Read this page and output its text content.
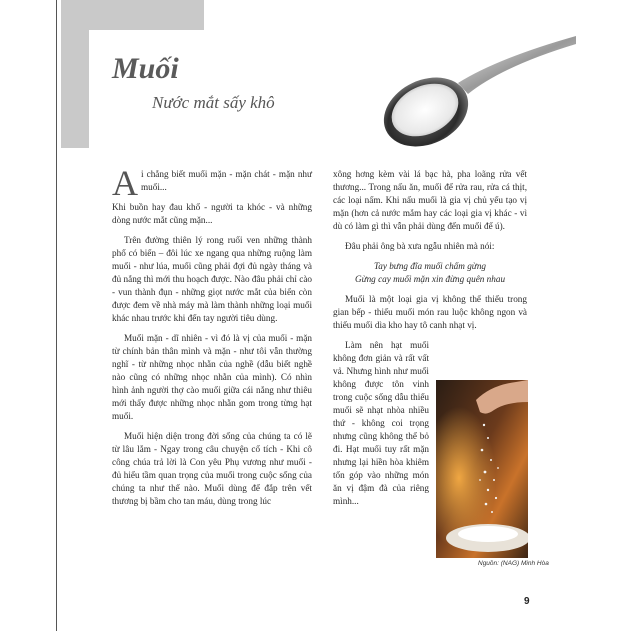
Muối
Nước mắt sấy khô

Ai chẳng biết muối mặn - mặn chát - mặn như muối...

Khi buồn hay đau khổ - người ta khóc - và những dòng nước mắt cũng mặn...

Trên đường thiên lý rong ruổi ven những thành phố có biển – đôi lúc xe ngang qua những ruộng làm muối - như lúa, muối cũng phải đợi đủ ngày tháng và đủ nắng thì mới thu hoạch được. Nào đâu phải chỉ cào - vun thành đụn - những giọt nước mắt của biển còn được đem về nhà máy mà làm thành những loại muối khác nhau trước khi đến tay người tiêu dùng.

Muối mặn - dĩ nhiên - vì đó là vị của muối - mặn từ chính bản thân mình và mặn - như tôi vẫn thường nghĩ - từ những nhọc nhằn của nghề (dẫu biết nghề nào cũng có những nhọc nhằn của mình). Có nhìn hình ảnh người thợ cào muối giữa cái nắng như thiêu mới thấy được những nhọc nhằn gom trong từng hạt muối.

Muối hiện diện trong đời sống của chúng ta có lẽ từ lâu lắm - Ngay trong câu chuyện cổ tích - Khi cô công chúa trả lời là Con yêu Phụ vương như muối - đủ hiểu tầm quan trọng của muối trong cuộc sống của chúng ta như thế nào. Muối dùng để đắp trên vết thương bị bầm cho tan máu, dùng trong lúc

xông hơng kèm vài lá bạc hà, pha loãng rửa vết thương... Trong nấu ăn, muối để rửa rau, rửa cá thịt, các loại nấm. Khi nấu muối là gia vị chủ yếu tạo vị mặn (hơn cả nước mắm hay các loại gia vị khác - vì dù có làm gì thì vẫn phải dùng đến muối để ú).

Đâu phải ông bà xưa ngẫu nhiên mà nói:

Tay bưng đĩa muối chấm gừng
Gừng cay muối mặn xin đừng quên nhau

Muối là một loại gia vị không thể thiếu trong gian bếp - thiếu muối món rau luộc không ngon và thiếu muối dìa kho hay tô canh nhạt vị.

Làm nên hạt muối không đơn giản và rất vất vả. Nhưng hình như muối không được tôn vinh trong cuộc sống dẫu thiếu muối sẽ nhạt nhòa nhiều thứ - không coi trọng nhưng cũng không thể bỏ đi. Hạt muối tuy rất mặn nhưng lại hiền hòa khiêm tốn góp vào những món ăn vị đậm đà của riêng mình...

Nguồn: (NAG) Minh Hòa
9
